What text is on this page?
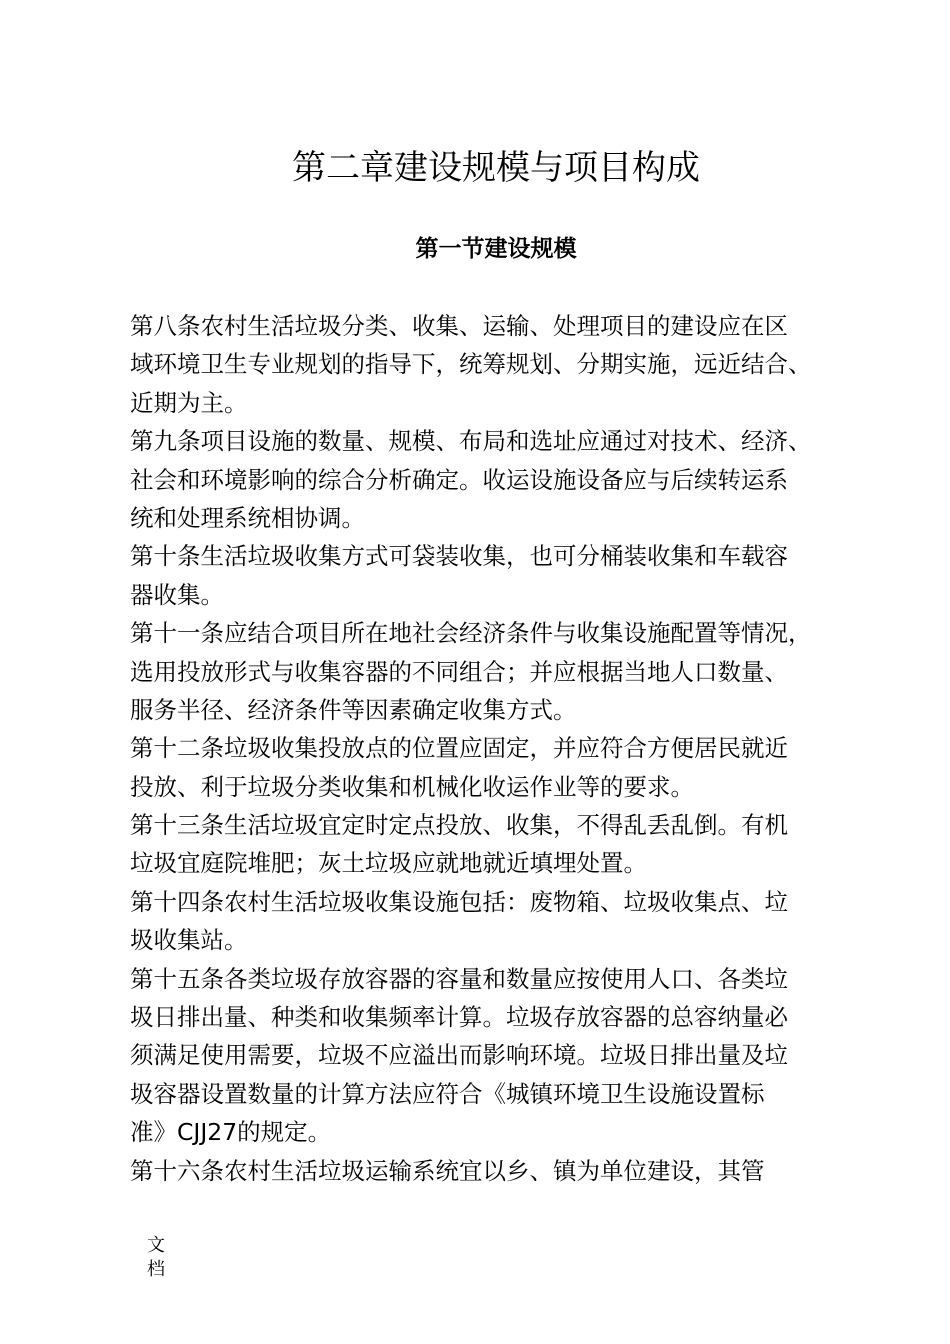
第二章建设规模与项目构成
第一节建设规模
第八条农村生活垃圾分类、收集、运输、处理项目的建设应在区
域环境卫生专业规划的指导下，统筹规划、分期实施，远近结合、
近期为主。
第九条项目设施的数量、规模、布局和选址应通过对技术、经济、
社会和环境影响的综合分析确定。收运设施设备应与后续转运系
统和处理系统相协调。
第十条生活垃圾收集方式可袋装收集，也可分桶装收集和车载容
器收集。
第十一条应结合项目所在地社会经济条件与收集设施配置等情况，
选用投放形式与收集容器的不同组合；并应根据当地人口数量、
服务半径、经济条件等因素确定收集方式。
第十二条垃圾收集投放点的位置应固定，并应符合方便居民就近
投放、利于垃圾分类收集和机械化收运作业等的要求。
第十三条生活垃圾宜定时定点投放、收集，不得乱丢乱倒。有机
垃圾宜庭院堆肥；灰土垃圾应就地就近填埋处置。
第十四条农村生活垃圾收集设施包括：废物箱、垃圾收集点、垃
圾收集站。
第十五条各类垃圾存放容器的容量和数量应按使用人口、各类垃
圾日排出量、种类和收集频率计算。垃圾存放容器的总容纳量必
须满足使用需要，垃圾不应溢出而影响环境。垃圾日排出量及垃
圾容器设置数量的计算方法应符合《城镇环境卫生设施设置标
准》CJJ27的规定。
第十六条农村生活垃圾运输系统宜以乡、镇为单位建设，其管
文
档
